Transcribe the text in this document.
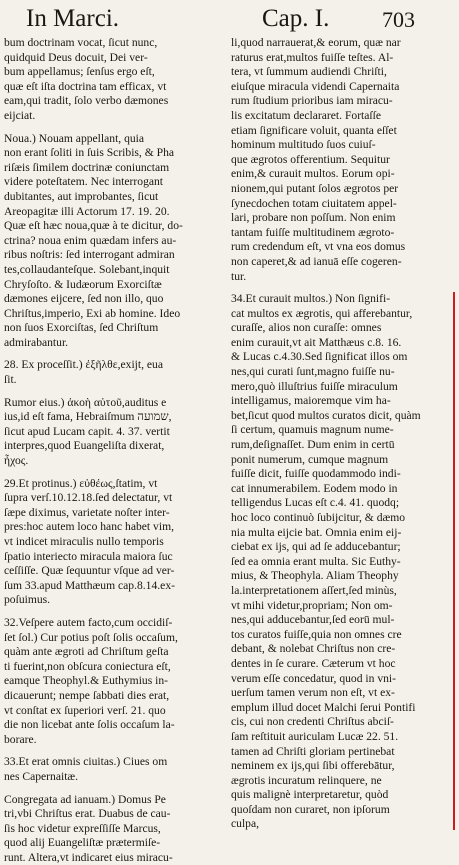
In Marci.	Cap. I. 703
bum doctrinam vocat, ſicut nunc,
quidquid Deus docuit, Dei ver-
bum appellamus; ſenſus ergo eſt,
quæ eſt iſta doctrina tam efficax, vt
eam,qui tradit, ſolo verbo dæmones
eijciat.
Noua.) Nouam appellant, quia
non erant ſoliti in ſuis Scribis, & Pha
riſæis ſimilem doctrinæ coniunctam
videre poteſtatem. Nec interrogant
dubitantes, aut improbantes, ſicut
Areopagitæ illi Actorum 17. 19. 20.
Quæ eſt hæc noua,quæ à te dicitur, do-
ctrina? noua enim quædam infers au-
ribus noſtris: ſed interrogant admiran
tes,collaudanteſque. Solebant,inquit
Chryſoſto. & Iudæorum Exorciſtæ
dæmones eijcere, ſed non illo, quo
Chriſtus,imperio, Exi ab homine. Ideo
non ſuos Exorciſtas, ſed Chriſtum
admirabantur.
28. Ex proceſſit.) ἐξῆλθε,exijt, eua
ſit.
Rumor eius.) ἀκοὴ αὐτοῦ,auditus e
ius,id eſt fama, Hebraiſmum שמועה,
ſicut apud Lucam capit. 4. 37. vertit
interpres,quod Euangeliſta dixerat,
ἦχος.
29.Et protinus.) εὐθέως,ſtatim, vt
ſupra verſ.10.12.18.ſed delectatur, vt
ſæpe diximus, varietate noſter inter-
pres:hoc autem loco hanc habet vim,
vt indicet miraculis nullo temporis
ſpatio interiecto miracula maiora ſuc
ceſſiſſe. Quæ ſequuntur vſque ad ver-
ſum 33.apud Matthæum cap.8.14.ex-
poſuimus.
32.Veſpere autem facto,cum occidiſ-
ſet ſol.) Cur potius poſt ſolis occaſum,
quàm ante ægroti ad Chriſtum geſta
ti fuerint,non obſcura coniectura eſt,
eamque Theophyl.& Euthymius in-
dicauerunt; nempe ſabbati dies erat,
vt conſtat ex ſuperiori verſ. 21. quo
die non licebat ante ſolis occaſum la-
borare.
33.Et erat omnis ciuitas.) Ciues om
nes Capernaitæ.
Congregata ad ianuam.) Domus Pe
tri,vbi Chriſtus erat. Duabus de cau-
ſis hoc videtur expreſſiſſe Marcus,
quod alij Euangeliſtæ prætermiſe-
runt. Altera,vt indicaret eius miracu-
li,quod narrauerat,& eorum, quæ nar
raturus erat,multos fuiſſe teſtes. Al-
tera, vt ſummum audiendi Chriſti,
eiuſque miracula videndi Capernaita
rum ſtudium prioribus iam miracu-
lis excitatum declararet. Fortaſſe
etiam ſignificare voluit, quanta eſſet
hominum multitudo ſuos cuiuſ-
que ægrotos offerentium. Sequitur
enim,& curauit multos. Eorum opi-
nionem,qui putant ſolos ægrotos per
ſynecdochen totam ciuitatem appel-
lari, probare non poſſum. Non enim
tantam fuiſſe multitudinem ægroto-
rum credendum eſt, vt vna eos domus
non caperet,& ad ianuā eſſe cogeren-
tur.
34.Et curauit multos.) Non ſignifi-
cat multos ex ægrotis, qui afferebantur,
curaſſe, alios non curaſſe: omnes
enim curauit,vt ait Matthæus c.8. 16.
& Lucas c.4.30.Sed ſignificat illos om
nes,qui curati ſunt,magno fuiſſe nu-
mero,quò illuſtrius fuiſſe miraculum
intelligamus, maioremque vim ha-
bet,ſicut quod multos curatos dicit, quàm
ſi certum, quamuis magnum nume-
rum,deſignaſſet. Dum enim in certū
ponit numerum, cumque magnum
fuiſſe dicit, fuiſſe quodammodo indi-
cat innumerabilem. Eodem modo in
telligendus Lucas eſt c.4. 41. quodq;
hoc loco continuò ſubijcitur, & dæmo
nia multa eijcie bat. Omnia enim eij-
ciebat ex ijs, qui ad ſe adducebantur;
ſed ea omnia erant multa. Sic Euthy-
mius, & Theophyla. Aliam Theophy
la.interpretationem aſſert,ſed minùs,
vt mihi videtur,propriam; Non om-
nes,qui adducebantur,ſed eorū mul-
tos curatos fuiſſe,quia non omnes cre
debant, & nolebat Chriſtus non cre-
dentes in ſe curare. Cæterum vt hoc
verum eſſe concedatur, quod in vni-
uerſum tamen verum non eſt, vt ex-
emplum illud docet Malchi ſerui Pontifi
cis, cui non credenti Chriſtus abciſ-
ſam reſtituit auriculam Lucæ 22. 51.
tamen ad Chriſti gloriam pertinebat
neminem ex ijs,qui ſibi offerebātur,
ægrotis incuratum relinquere, ne
quis malignè interpretaretur, quòd
quoſdam non curaret, non ipſorum
culpa,
